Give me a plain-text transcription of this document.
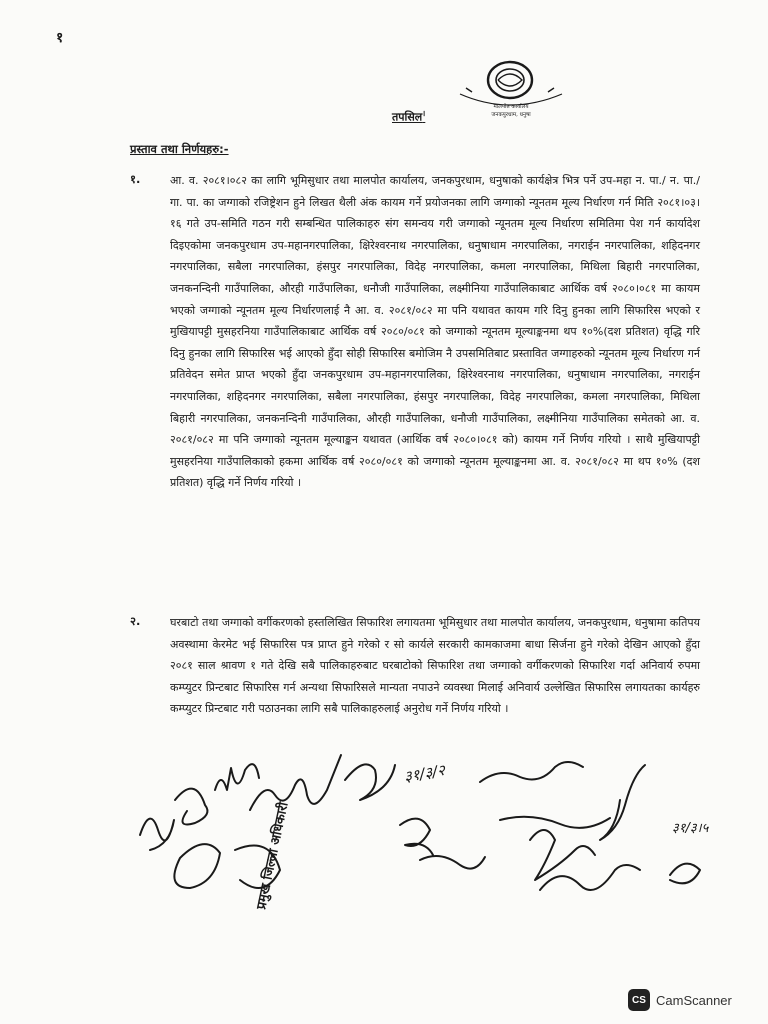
१
मालपोत कार्यालय
जनकपुरधाम, धनुषा
तपसिल।
प्रस्ताव तथा निर्णयहरु:-
१.	आ. व. २०८१।०८२ का लागि भूमिसुधार तथा मालपोत कार्यालय, जनकपुरधाम, धनुषाको कार्यक्षेत्र भित्र पर्ने उप-महा न. पा./ न. पा./ गा. पा. का जग्गाको रजिष्ट्रेशन हुने लिखत थैली अंक कायम गर्ने प्रयोजनका लागि जग्गाको न्यूनतम मूल्य निर्धारण गर्न मिति २०८१।०३।१६ गते उप-समिति गठन गरी सम्बन्धित पालिकाहरु संग समन्वय गरी जग्गाको न्यूनतम मूल्य निर्धारण समितिमा पेश गर्न कार्यादेश दिइएकोमा जनकपुरधाम उप-महानगरपालिका, क्षिरेश्वरनाथ नगरपालिका, धनुषाधाम नगरपालिका, नगराईन नगरपालिका, शहिदनगर नगरपालिका, सबैला नगरपालिका, हंसपुर नगरपालिका, विदेह नगरपालिका, कमला नगरपालिका, मिथिला बिहारी नगरपालिका, जनकनन्दिनी गाउँपालिका, औरही गाउँपालिका, धनौजी गाउँपालिका, लक्ष्मीनिया गाउँपालिकाबाट आर्थिक वर्ष २०८०।०८१ मा कायम भएको जग्गाको न्यूनतम मूल्य निर्धारणलाई नै आ. व. २०८१/०८२ मा पनि यथावत कायम गरि दिनु हुनका लागि सिफारिस भएको र मुखियापट्टी मुसहरनिया गाउँपालिकाबाट आर्थिक वर्ष २०८०/०८१ को जग्गाको न्यूनतम मूल्याङ्कनमा थप १०%(दश प्रतिशत) वृद्धि गरि दिनु हुनका लागि सिफारिस भई आएको हुँदा सोही सिफारिस बमोजिम नै उपसमितिबाट प्रस्तावित जग्गाहरुको न्यूनतम मूल्य निर्धारण गर्न प्रतिवेदन समेत प्राप्त भएकोे हुँदा जनकपुरधाम उप-महानगरपालिका, क्षिरेश्वरनाथ नगरपालिका, धनुषाधाम नगरपालिका, नगराईन नगरपालिका, शहिदनगर नगरपालिका, सबैला नगरपालिका, हंसपुर नगरपालिका, विदेह नगरपालिका, कमला नगरपालिका, मिथिला बिहारी नगरपालिका, जनकनन्दिनी गाउँपालिका, औरही गाउँपालिका, धनौजी गाउँपालिका, लक्ष्मीनिया गाउँपालिका समेतको आ. व. २०८१/०८२ मा पनि जग्गाको न्यूनतम मूल्याङ्कन यथावत (आर्थिक वर्ष २०८०।०८१ को) कायम गर्ने निर्णय गरियो । साथै मुखियापट्टी मुसहरनिया गाउँपालिकाको हकमा आर्थिक वर्ष २०८०/०८१ को जग्गाको न्यूनतम मूल्याङ्कनमा आ. व. २०८१/०८२ मा थप १०% (दश प्रतिशत) वृद्धि गर्ने निर्णय गरियो ।
२.	घरबाटो तथा जग्गाको वर्गीकरणको हस्तलिखित सिफारिश लगायतमा भूमिसुधार तथा मालपोत कार्यालय, जनकपुरधाम, धनुषामा कतिपय अवस्थामा केरमेट भई सिफारिस पत्र प्राप्त हुने गरेको र सो कार्यले सरकारी कामकाजमा बाधा सिर्जना हुने गरेको देखिन आएको हुँदा २०८१ साल श्रावण १ गते देखि सबै पालिकाहरुबाट घरबाटोको सिफारिश तथा जग्गाको वर्गीकरणको सिफारिश गर्दा अनिवार्य रुपमा कम्प्युटर प्रिन्टबाट सिफारिस गर्न अन्यथा सिफारिसले मान्यता नपाउने व्यवस्था मिलाई अनिवार्य उल्लेखित सिफारिस लगायतका कार्यहरु कम्प्युटर प्रिन्टबाट गरी पठाउनका लागि सबै पालिकाहरुलाई अनुरोध गर्ने निर्णय गरियो ।
प्रमुख जिल्ला अधिकारी
३१/३/२
३१/३।५
CS CamScanner
